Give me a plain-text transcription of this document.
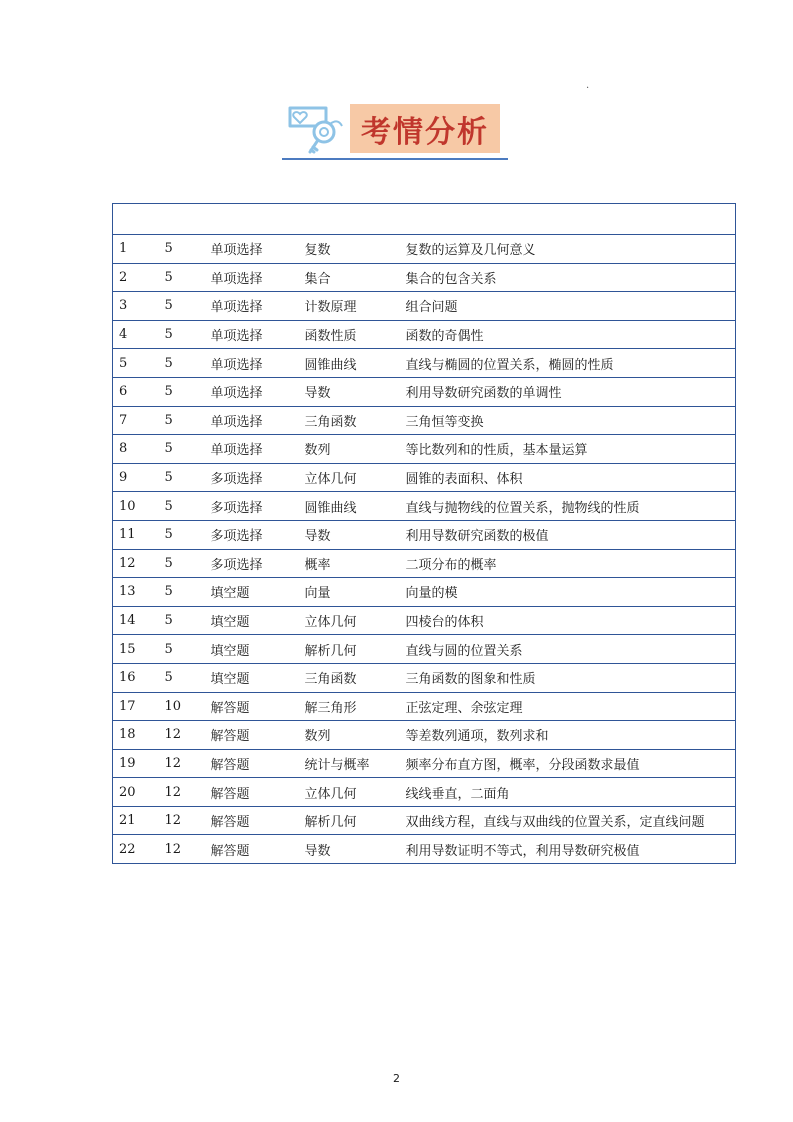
.
考情分析

1	5	单项选择	复数	复数的运算及几何意义
2	5	单项选择	集合	集合的包含关系
3	5	单项选择	计数原理	组合问题
4	5	单项选择	函数性质	函数的奇偶性
5	5	单项选择	圆锥曲线	直线与椭圆的位置关系，椭圆的性质
6	5	单项选择	导数	利用导数研究函数的单调性
7	5	单项选择	三角函数	三角恒等变换
8	5	单项选择	数列	等比数列和的性质，基本量运算
9	5	多项选择	立体几何	圆锥的表面积、体积
10	5	多项选择	圆锥曲线	直线与抛物线的位置关系，抛物线的性质
11	5	多项选择	导数	利用导数研究函数的极值
12	5	多项选择	概率	二项分布的概率
13	5	填空题	向量	向量的模
14	5	填空题	立体几何	四棱台的体积
15	5	填空题	解析几何	直线与圆的位置关系
16	5	填空题	三角函数	三角函数的图象和性质
17	10	解答题	解三角形	正弦定理、余弦定理
18	12	解答题	数列	等差数列通项，数列求和
19	12	解答题	统计与概率	频率分布直方图，概率，分段函数求最值
20	12	解答题	立体几何	线线垂直，二面角
21	12	解答题	解析几何	双曲线方程，直线与双曲线的位置关系，定直线问题
22	12	解答题	导数	利用导数证明不等式，利用导数研究极值
2
